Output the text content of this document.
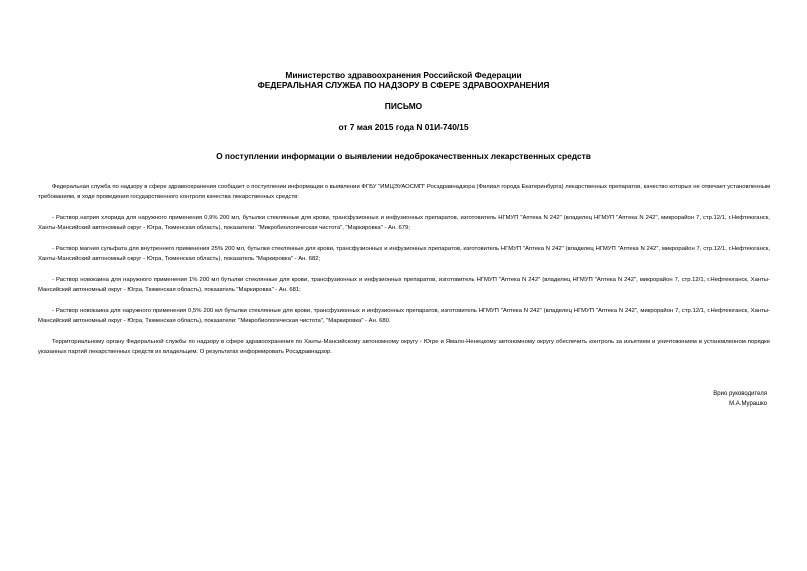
Министерство здравоохранения Российской Федерации
ФЕДЕРАЛЬНАЯ СЛУЖБА ПО НАДЗОРУ В СФЕРЕ ЗДРАВООХРАНЕНИЯ
ПИСЬМО
от 7 мая 2015 года N 01И-740/15
О поступлении информации о выявлении недоброкачественных лекарственных средств

Федеральная служба по надзору в сфере здравоохранения сообщает о поступлении информации о выявлении ФГБУ "ИМЦЭУАОСМП" Росздравнадзора (Филиал города Екатеринбурга) лекарственных препаратов, качество которых не отвечает установленным требованиям, в ходе проведения государственного контроля качества лекарственных средств:

- Раствор натрия хлорида для наружного применения 0,9% 200 мл, бутылки стеклянные для крови, трансфузионных и инфузионных препаратов, изготовитель НГМУП "Аптека N 242" (владелец НГМУП "Аптека N 242", микрорайон 7, стр.12/1, г.Нефтеюганск, Ханты-Мансийский автономный округ - Югра, Тюменская область), показатели: "Микробиологическая чистота", "Маркировка" - Ан. 679;

- Раствор магния сульфата для внутреннего применения 25% 200 мл, бутылки стеклянные для крови, трансфузионных и инфузионных препаратов, изготовитель НГМУП "Аптека N 242" (владелец НГМУП "Аптека N 242", микрорайон 7, стр.12/1, г.Нефтеюганск, Ханты-Мансийский автономный округ - Югра, Тюменская область), показатель "Маркировка" - Ан. 682;

- Раствор новокаина для наружного применения 1% 200 мл бутылки стеклянные для крови, трансфузионных и инфузионных препаратов, изготовитель НГМУП "Аптека N 242" (владелец НГМУП "Аптека N 242", микрорайон 7, стр.12/1, г.Нефтеюганск, Ханты-Мансийский автономный округ - Югра, Тюменская область), показатель "Маркировка" - Ан. 681;

- Раствор новокаина для наружного применения 0,5% 200 мл бутылки стеклянные для крови, трансфузионных и инфузионных препаратов, изготовитель НГМУП "Аптека N 242" (владелец НГМУП "Аптека N 242", микрорайон 7, стр.12/1, г.Нефтеюганск, Ханты-Мансийский автономный округ - Югра, Тюменская область), показатели: "Микробиологическая чистота", "Маркировка" - Ан. 680.

Территориальному органу Федеральной службы по надзору в сфере здравоохранения по Ханты-Мансийскому автономному округу - Югре и Ямало-Ненецкому автономному округу обеспечить контроль за изъятием и уничтожением в установленном порядке указанных партий лекарственных средств их владельцем. О результатах информировать Росздравнадзор.

Врио руководителя
М.А.Мурашко
